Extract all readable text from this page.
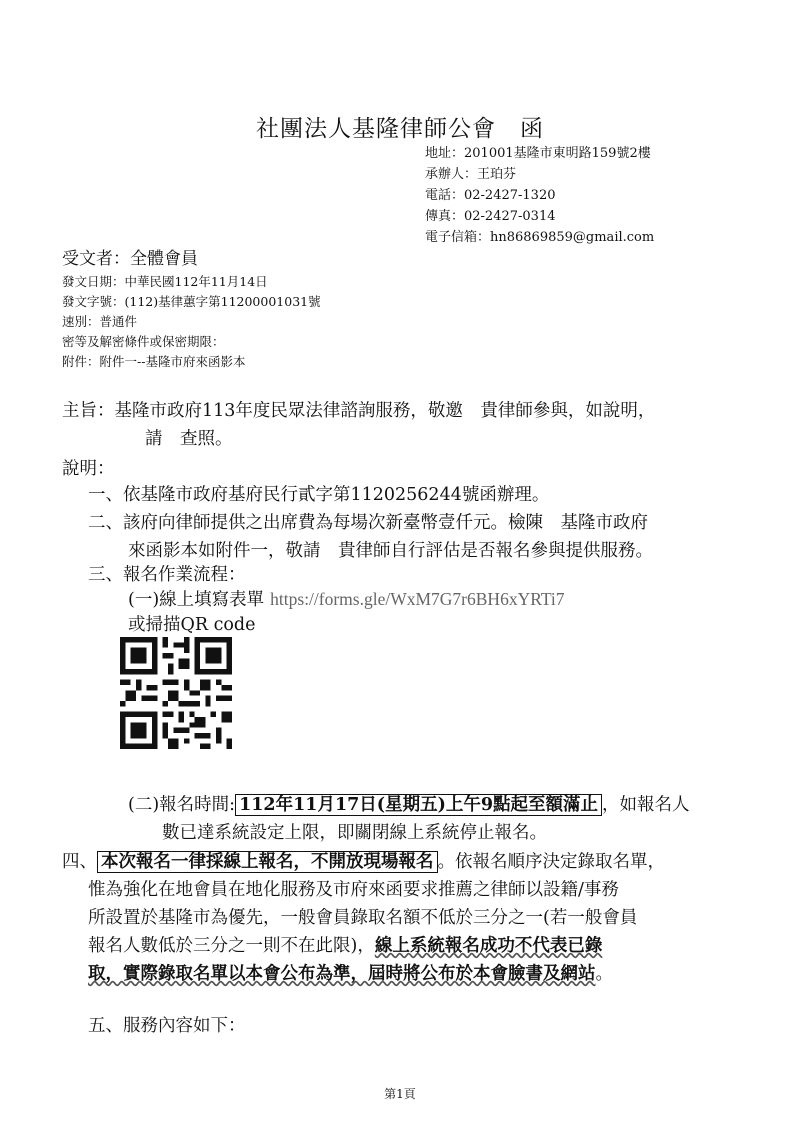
社團法人基隆律師公會　函
地址：201001基隆市東明路159號2樓
承辦人：王珀芬
電話：02-2427-1320
傳真：02-2427-0314
電子信箱：hn86869859@gmail.com
受文者：全體會員
發文日期：中華民國112年11月14日
發文字號：(112)基律蕙字第11200001031號
速別：普通件
密等及解密條件或保密期限：
附件：附件一--基隆市府來函影本
主旨：基隆市政府113年度民眾法律諮詢服務，敬邀　貴律師參與，如說明，
請　查照。
說明：
一、依基隆市政府基府民行貳字第1120256244號函辦理。
二、該府向律師提供之出席費為每場次新臺幣壹仟元。檢陳　基隆市政府
來函影本如附件一，敬請　貴律師自行評估是否報名參與提供服務。
三、報名作業流程：
(一)線上填寫表單 https://forms.gle/WxM7G7r6BH6xYRTi7
或掃描QR code
(二)報名時間: 112年11月17日(星期五)上午9點起至額滿止 ，如報名人
數已達系統設定上限，即關閉線上系統停止報名。
四、 本次報名一律採線上報名，不開放現場報名 。依報名順序決定錄取名單，
惟為強化在地會員在地化服務及市府來函要求推薦之律師以設籍/事務
所設置於基隆市為優先，一般會員錄取名額不低於三分之一(若一般會員
報名人數低於三分之一則不在此限)，線上系統報名成功不代表已錄
取，實際錄取名單以本會公布為準，屆時將公布於本會臉書及網站。
五、服務內容如下：
第1頁
